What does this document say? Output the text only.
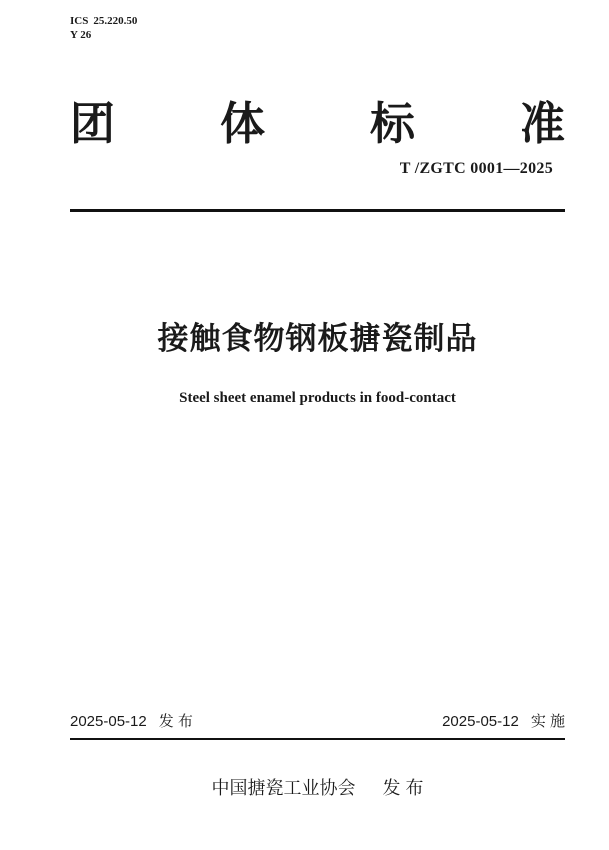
ICS 25.220.50
Y 26
团 体 标 准
T /ZGTC 0001—2025
接触食物钢板搪瓷制品
Steel sheet enamel products in food-contact
2025-05-12 发 布	2025-05-12 实 施
中国搪瓷工业协会 发 布
